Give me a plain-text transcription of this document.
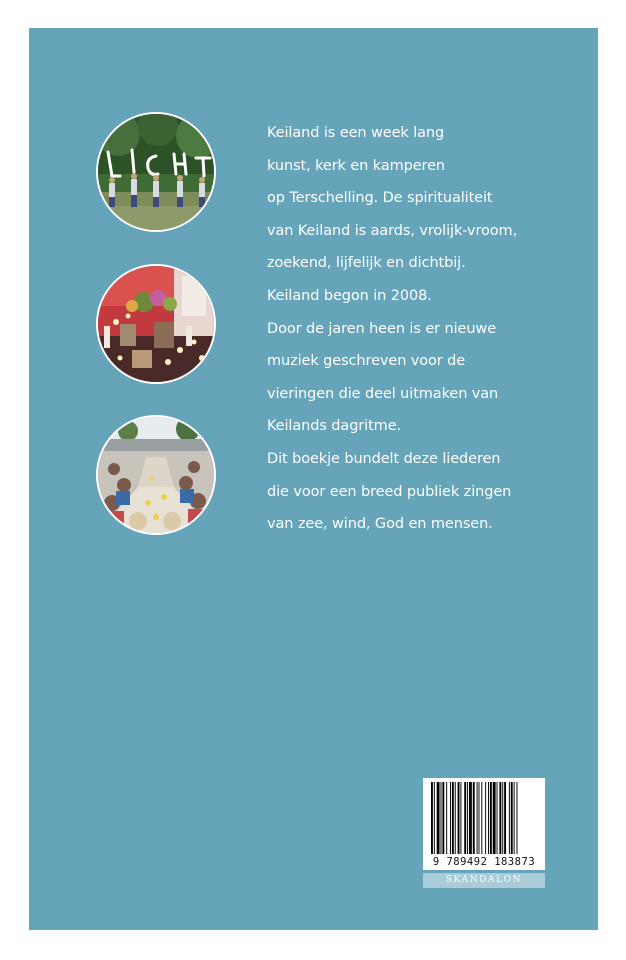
Keiland is een week lang
kunst, kerk en kamperen
op Terschelling. De spiritualiteit
van Keiland is aards, vrolijk-vroom,
zoekend, lijfelijk en dichtbij.
Keiland begon in 2008.
Door de jaren heen is er nieuwe
muziek geschreven voor de
vieringen die deel uitmaken van
Keilands dagritme.
Dit boekje bundelt deze liederen
die voor een breed publiek zingen
van zee, wind, God en mensen.
9 789492 183873
SKANDALON
